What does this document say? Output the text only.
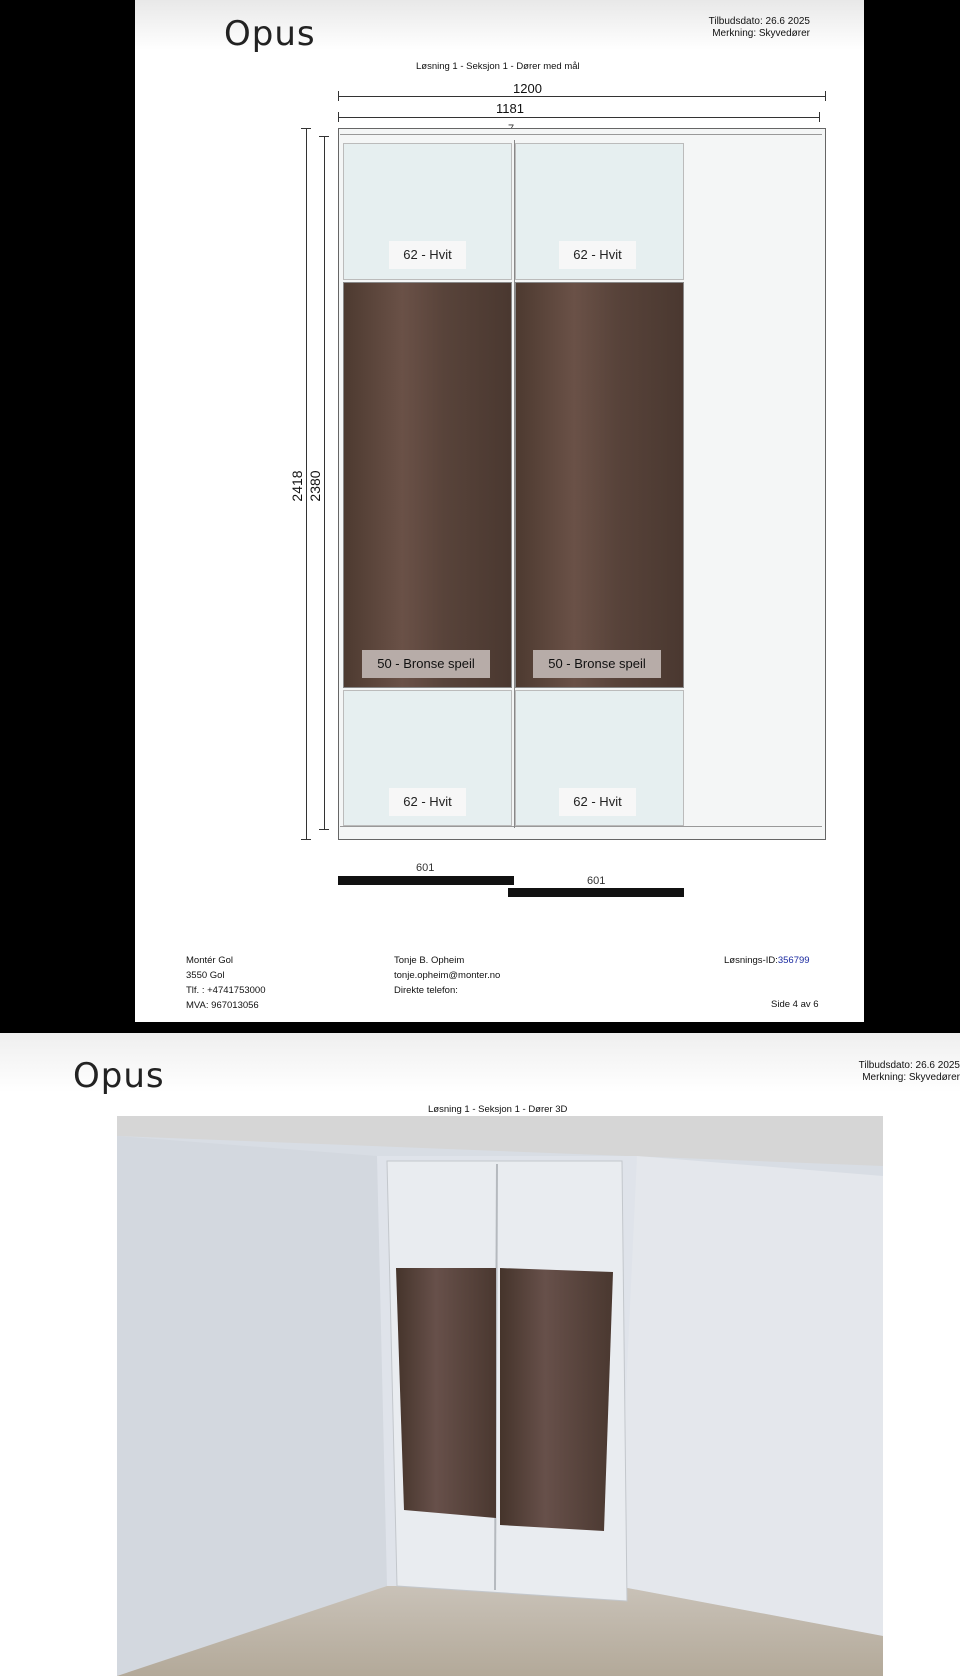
Opus	Tilbudsdato: 26.6 2025
Merkning: Skyvedører
Løsning 1 - Seksjon 1 - Dører med mål
1200
1181
2418 2380
62 - Hvit
50 - Bronse speil
62 - Hvit
62 - Hvit
50 - Bronse speil
62 - Hvit
601
601
Montér Gol
3550 Gol
Tlf. : +4741753000
MVA: 967013056
Tonje B. Opheim
tonje.opheim@monter.no
Direkte telefon:
Løsnings-ID:356799
Side 4 av 6
Opus	Tilbudsdato: 26.6 2025
Merkning: Skyvedører
Løsning 1 - Seksjon 1 - Dører 3D
